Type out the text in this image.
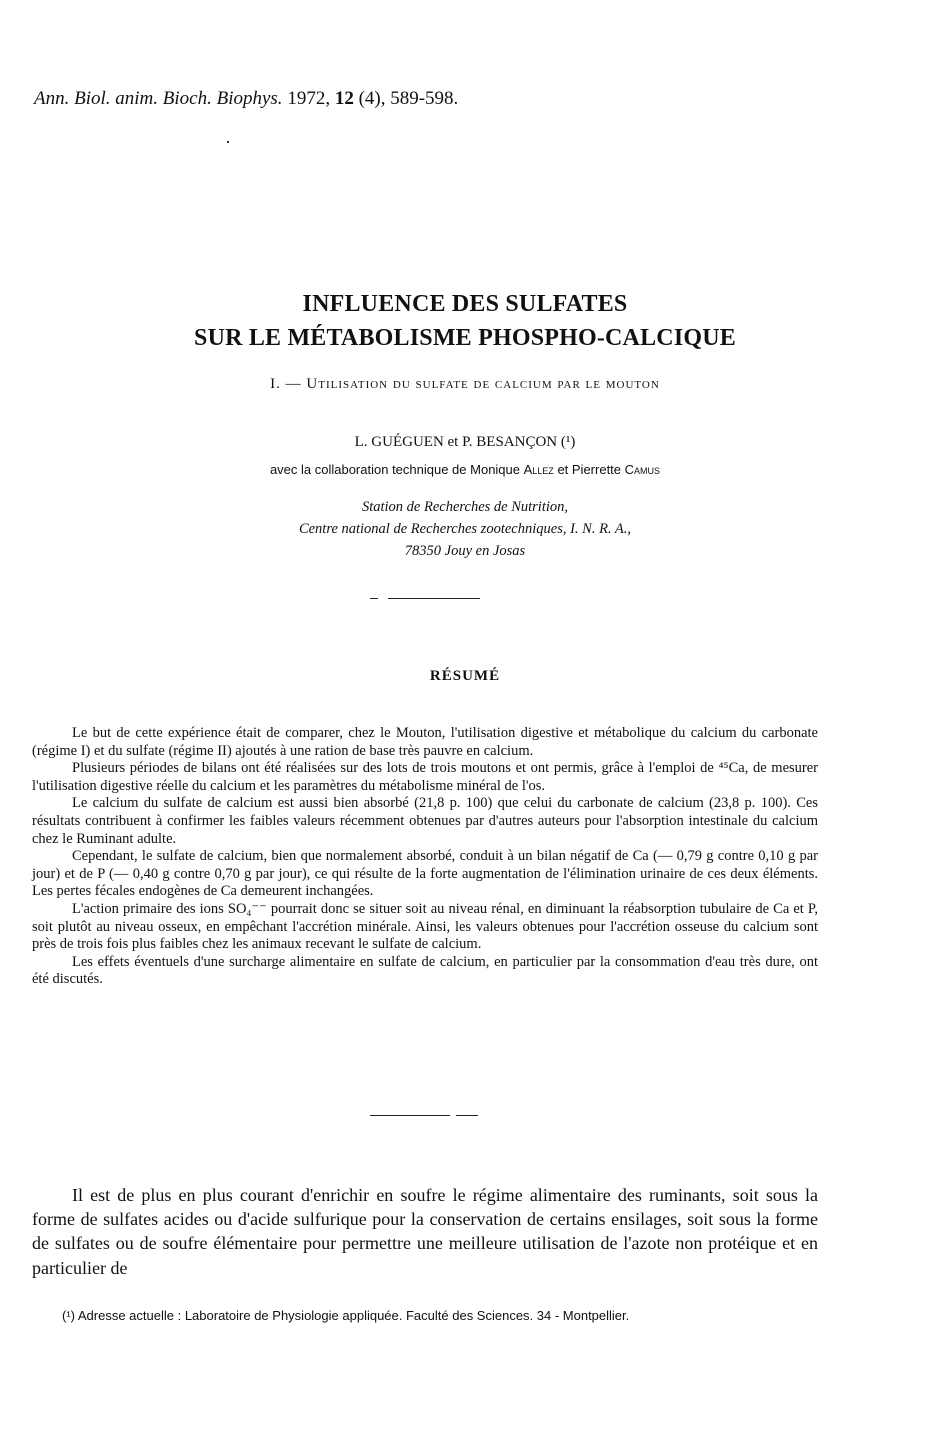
Ann. Biol. anim. Bioch. Biophys. 1972, 12 (4), 589-598.
INFLUENCE DES SULFATES
SUR LE MÉTABOLISME PHOSPHO-CALCIQUE
I. — Utilisation du sulfate de calcium par le mouton
L. GUÉGUEN et P. BESANÇON (¹)
avec la collaboration technique de Monique Allez et Pierrette Camus
Station de Recherches de Nutrition,
Centre national de Recherches zootechniques, I. N. R. A.,
78350 Jouy en Josas
RÉSUMÉ

Le but de cette expérience était de comparer, chez le Mouton, l'utilisation digestive et métabolique du calcium du carbonate (régime I) et du sulfate (régime II) ajoutés à une ration de base très pauvre en calcium.

Plusieurs périodes de bilans ont été réalisées sur des lots de trois moutons et ont permis, grâce à l'emploi de ⁴⁵Ca, de mesurer l'utilisation digestive réelle du calcium et les paramètres du métabolisme minéral de l'os.

Le calcium du sulfate de calcium est aussi bien absorbé (21,8 p. 100) que celui du carbonate de calcium (23,8 p. 100). Ces résultats contribuent à confirmer les faibles valeurs récemment obtenues par d'autres auteurs pour l'absorption intestinale du calcium chez le Ruminant adulte.

Cependant, le sulfate de calcium, bien que normalement absorbé, conduit à un bilan négatif de Ca (— 0,79 g contre 0,10 g par jour) et de P (— 0,40 g contre 0,70 g par jour), ce qui résulte de la forte augmentation de l'élimination urinaire de ces deux éléments. Les pertes fécales endogènes de Ca demeurent inchangées.

L'action primaire des ions SO₄⁻⁻ pourrait donc se situer soit au niveau rénal, en diminuant la réabsorption tubulaire de Ca et P, soit plutôt au niveau osseux, en empêchant l'accrétion minérale. Ainsi, les valeurs obtenues pour l'accrétion osseuse du calcium sont près de trois fois plus faibles chez les animaux recevant le sulfate de calcium.

Les effets éventuels d'une surcharge alimentaire en sulfate de calcium, en particulier par la consommation d'eau très dure, ont été discutés.

Il est de plus en plus courant d'enrichir en soufre le régime alimentaire des ruminants, soit sous la forme de sulfates acides ou d'acide sulfurique pour la conservation de certains ensilages, soit sous la forme de sulfates ou de soufre élémentaire pour permettre une meilleure utilisation de l'azote non protéique et en particulier de

(¹) Adresse actuelle : Laboratoire de Physiologie appliquée. Faculté des Sciences. 34 - Montpellier.
